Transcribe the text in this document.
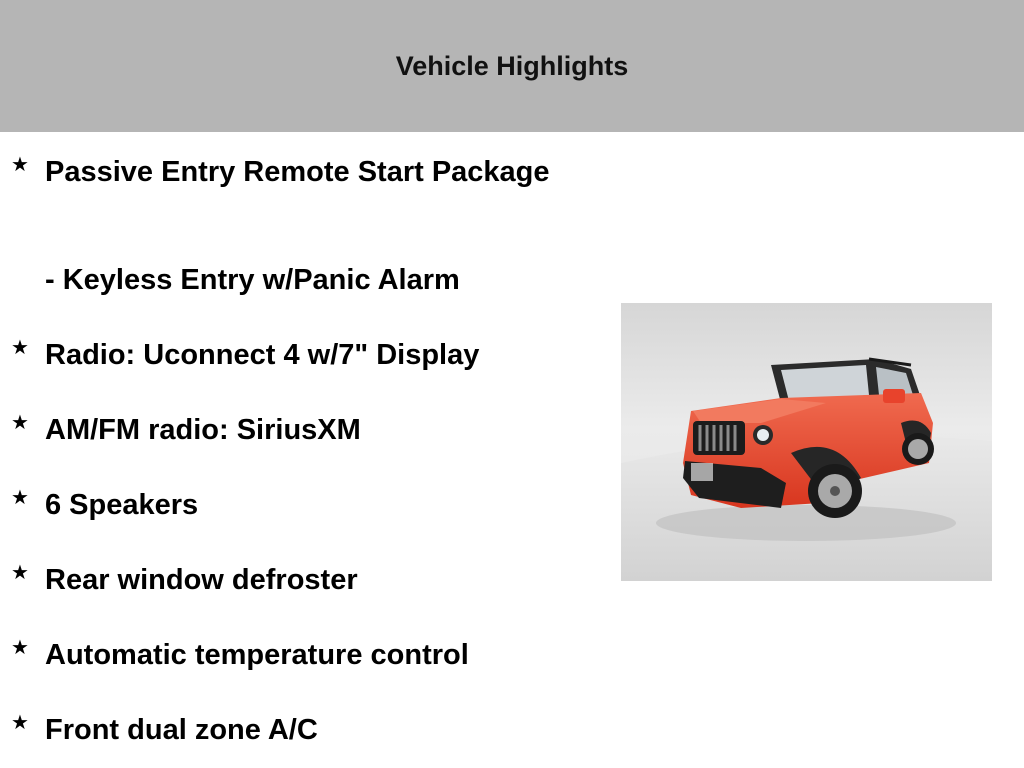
Vehicle Highlights
★ Passive Entry Remote Start Package
- Keyless Entry w/Panic Alarm
★ Radio: Uconnect 4 w/7" Display
★ AM/FM radio: SiriusXM
★ 6 Speakers
★ Rear window defroster
★ Automatic temperature control
★ Front dual zone A/C
